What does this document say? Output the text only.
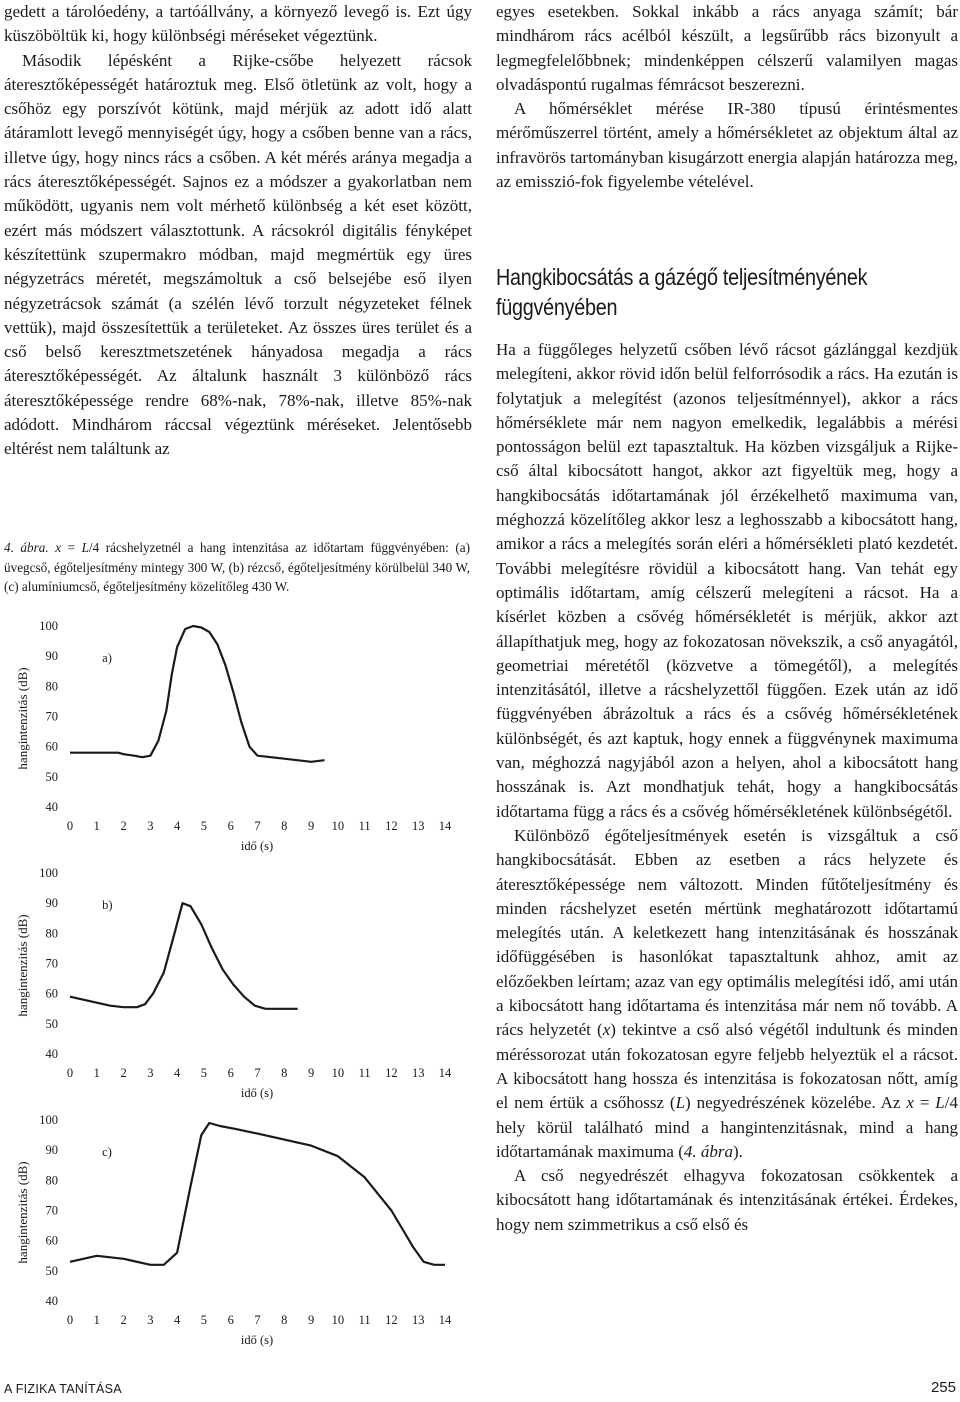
gedett a tárolóedény, a tartóállvány, a környező levegő is. Ezt úgy küszöböltük ki, hogy különbségi méréseket végeztünk.

Második lépésként a Rijke-csőbe helyezett rácsok áteresztőképességét határoztuk meg. Első ötletünk az volt, hogy a csőhöz egy porszívót kötünk, majd mérjük az adott idő alatt átáramlott levegő mennyiségét úgy, hogy a csőben benne van a rács, illetve úgy, hogy nincs rács a csőben. A két mérés aránya megadja a rács áteresztőképességét. Sajnos ez a módszer a gyakorlatban nem működött, ugyanis nem volt mérhető különbség a két eset között, ezért más módszert választottunk. A rácsokról digitális fényképet készítettünk szupermakro módban, majd megmértük egy üres négyzetrács méretét, megszámoltuk a cső belsejébe eső ilyen négyzetrácsok számát (a szélén lévő torzult négyzeteket félnek vettük), majd összesítettük a területeket. Az összes üres terület és a cső belső keresztmetszetének hányadosa megadja a rács áteresztőképességét. Az általunk használt 3 különböző rács áteresztőképessége rendre 68%-nak, 78%-nak, illetve 85%-nak adódott. Mindhárom ráccsal végeztünk méréseket. Jelentősebb eltérést nem találtunk az

4. ábra. x = L/4 rácshelyzetnél a hang intenzitása az időtartam függvényében: (a) üvegcső, égőteljesítmény mintegy 300 W, (b) rézcső, égőteljesítmény körülbelül 340 W, (c) alumíniumcső, égőteljesítmény közelítőleg 430 W.
40
50
60
70
80
90
100
0 1 2 3 4 5 6 7 8 9 10 11 12 13 14
idő (s)
hangintenzitás (dB)
a)
40
50
60
70
80
90
100
0 1 2 3 4 5 6 7 8 9 10 11 12 13 14
idő (s)
hangintenzitás (dB)
b)
40
50
60
70
80
90
100
0 1 2 3 4 5 6 7 8 9 10 11 12 13 14
idő (s)
hangintenzitás (dB)
c)

egyes esetekben. Sokkal inkább a rács anyaga számít; bár mindhárom rács acélból készült, a legsűrűbb rács bizonyult a legmegfelelőbbnek; mindenképpen célszerű valamilyen magas olvadáspontú rugalmas fémrácsot beszerezni.

A hőmérséklet mérése IR-380 típusú érintésmentes mérőműszerrel történt, amely a hőmérsékletet az objektum által az infravörös tartományban kisugárzott energia alapján határozza meg, az emisszió-fok figyelembe vételével.

Hangkibocsátás a gázégő teljesítményének függvényében

Ha a függőleges helyzetű csőben lévő rácsot gázlánggal kezdjük melegíteni, akkor rövid időn belül felforrósodik a rács. Ha ezután is folytatjuk a melegítést (azonos teljesítménnyel), akkor a rács hőmérséklete már nem nagyon emelkedik, legalábbis a mérési pontosságon belül ezt tapasztaltuk. Ha közben vizsgáljuk a Rijke-cső által kibocsátott hangot, akkor azt figyeltük meg, hogy a hangkibocsátás időtartamának jól érzékelhető maximuma van, méghozzá közelítőleg akkor lesz a leghosszabb a kibocsátott hang, amikor a rács a melegítés során eléri a hőmérsékleti plató kezdetét. További melegítésre rövidül a kibocsátott hang. Van tehát egy optimális időtartam, amíg célszerű melegíteni a rácsot. Ha a kísérlet közben a csővég hőmérsékletét is mérjük, akkor azt állapíthatjuk meg, hogy az fokozatosan növekszik, a cső anyagától, geometriai méretétől (közvetve a tömegétől), a melegítés intenzitásától, illetve a rácshelyzettől függően. Ezek után az idő függvényében ábrázoltuk a rács és a csővég hőmérsékletének különbségét, és azt kaptuk, hogy ennek a függvénynek maximuma van, méghozzá nagyjából azon a helyen, ahol a kibocsátott hang hosszának is. Azt mondhatjuk tehát, hogy a hangkibocsátás időtartama függ a rács és a csővég hőmérsékletének különbségétől.

Különböző égőteljesítmények esetén is vizsgáltuk a cső hangkibocsátását. Ebben az esetben a rács helyzete és áteresztőképessége nem változott. Minden fűtőteljesítmény és minden rácshelyzet esetén mértünk meghatározott időtartamú melegítés után. A keletkezett hang intenzitásának és hosszának időfüggésében is hasonlókat tapasztaltunk ahhoz, amit az előzőekben leírtam; azaz van egy optimális melegítési idő, ami után a kibocsátott hang időtartama és intenzitása már nem nő tovább. A rács helyzetét (x) tekintve a cső alsó végétől indultunk és minden méréssorozat után fokozatosan egyre feljebb helyeztük el a rácsot. A kibocsátott hang hossza és intenzitása is fokozatosan nőtt, amíg el nem értük a csőhossz (L) negyedrészének közelébe. Az x = L/4 hely körül található mind a hangintenzitásnak, mind a hang időtartamának maximuma (4. ábra).

A cső negyedrészét elhagyva fokozatosan csökkentek a kibocsátott hang időtartamának és intenzitásának értékei. Érdekes, hogy nem szimmetrikus a cső első és

A FIZIKA TANÍTÁSA	255
